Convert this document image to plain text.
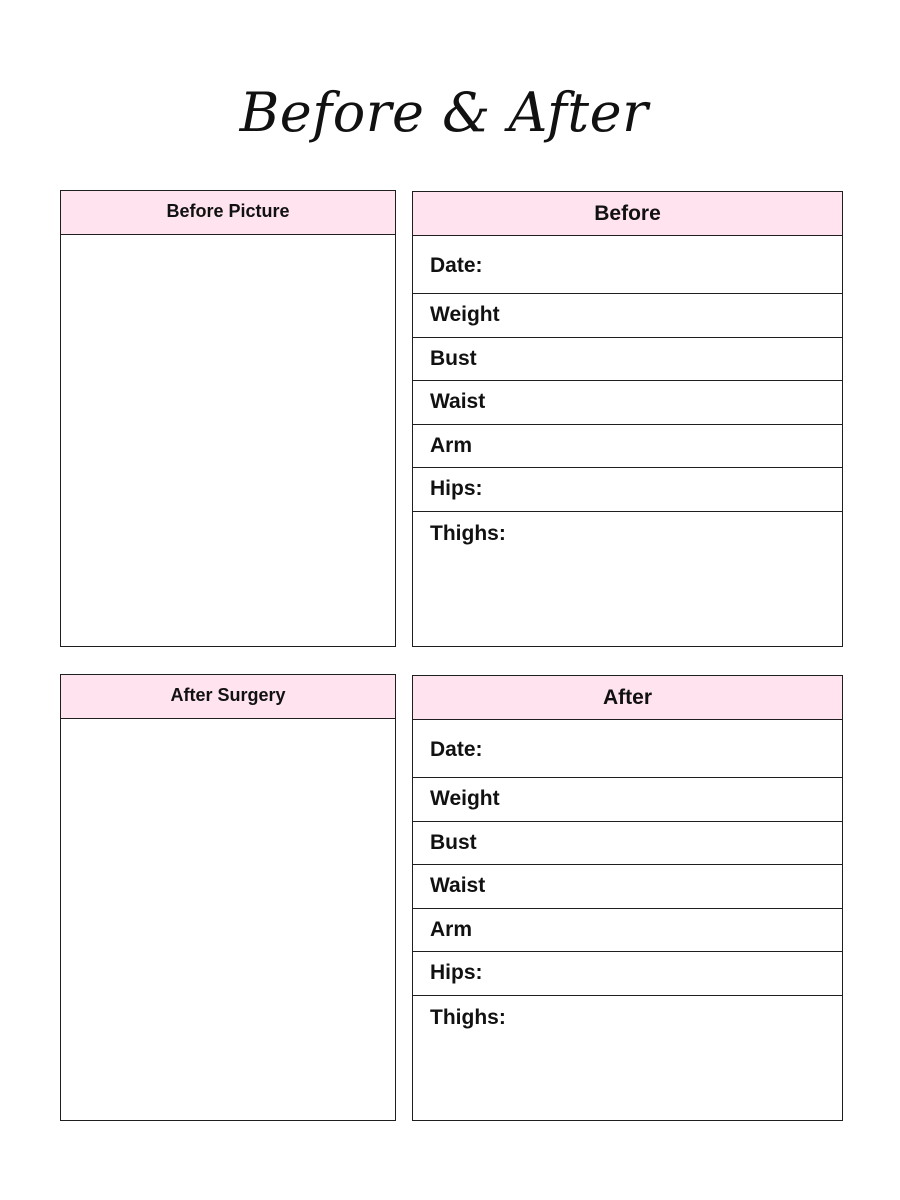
Before & After
Before Picture	Before
Date:
Weight
Bust
Waist
Arm
Hips:
Thighs:
After Surgery	After
Date:
Weight
Bust
Waist
Arm
Hips:
Thighs:
